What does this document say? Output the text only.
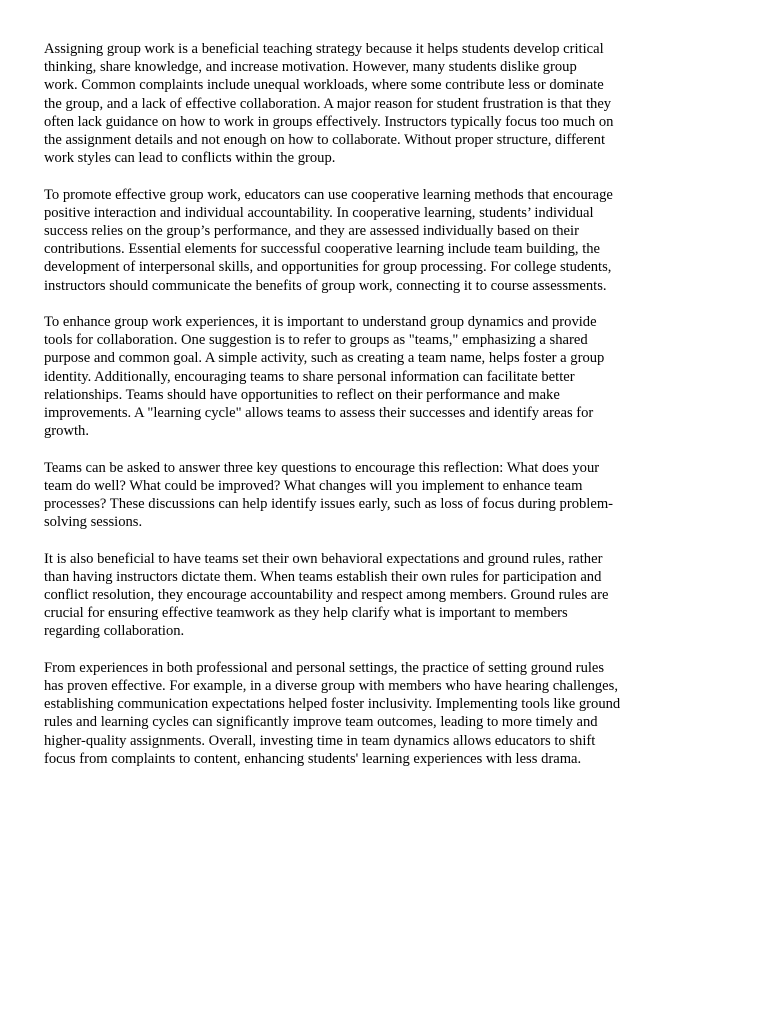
Assigning group work is a beneficial teaching strategy because it helps students develop critical
thinking, share knowledge, and increase motivation. However, many students dislike group
work. Common complaints include unequal workloads, where some contribute less or dominate
the group, and a lack of effective collaboration. A major reason for student frustration is that they
often lack guidance on how to work in groups effectively. Instructors typically focus too much on
the assignment details and not enough on how to collaborate. Without proper structure, different
work styles can lead to conflicts within the group.

To promote effective group work, educators can use cooperative learning methods that encourage
positive interaction and individual accountability. In cooperative learning, students’ individual
success relies on the group’s performance, and they are assessed individually based on their
contributions. Essential elements for successful cooperative learning include team building, the
development of interpersonal skills, and opportunities for group processing. For college students,
instructors should communicate the benefits of group work, connecting it to course assessments.

To enhance group work experiences, it is important to understand group dynamics and provide
tools for collaboration. One suggestion is to refer to groups as "teams," emphasizing a shared
purpose and common goal. A simple activity, such as creating a team name, helps foster a group
identity. Additionally, encouraging teams to share personal information can facilitate better
relationships. Teams should have opportunities to reflect on their performance and make
improvements. A "learning cycle" allows teams to assess their successes and identify areas for
growth.

Teams can be asked to answer three key questions to encourage this reflection: What does your
team do well? What could be improved? What changes will you implement to enhance team
processes? These discussions can help identify issues early, such as loss of focus during problem-
solving sessions.

It is also beneficial to have teams set their own behavioral expectations and ground rules, rather
than having instructors dictate them. When teams establish their own rules for participation and
conflict resolution, they encourage accountability and respect among members. Ground rules are
crucial for ensuring effective teamwork as they help clarify what is important to members
regarding collaboration.

From experiences in both professional and personal settings, the practice of setting ground rules
has proven effective. For example, in a diverse group with members who have hearing challenges,
establishing communication expectations helped foster inclusivity. Implementing tools like ground
rules and learning cycles can significantly improve team outcomes, leading to more timely and
higher-quality assignments. Overall, investing time in team dynamics allows educators to shift
focus from complaints to content, enhancing students' learning experiences with less drama.
